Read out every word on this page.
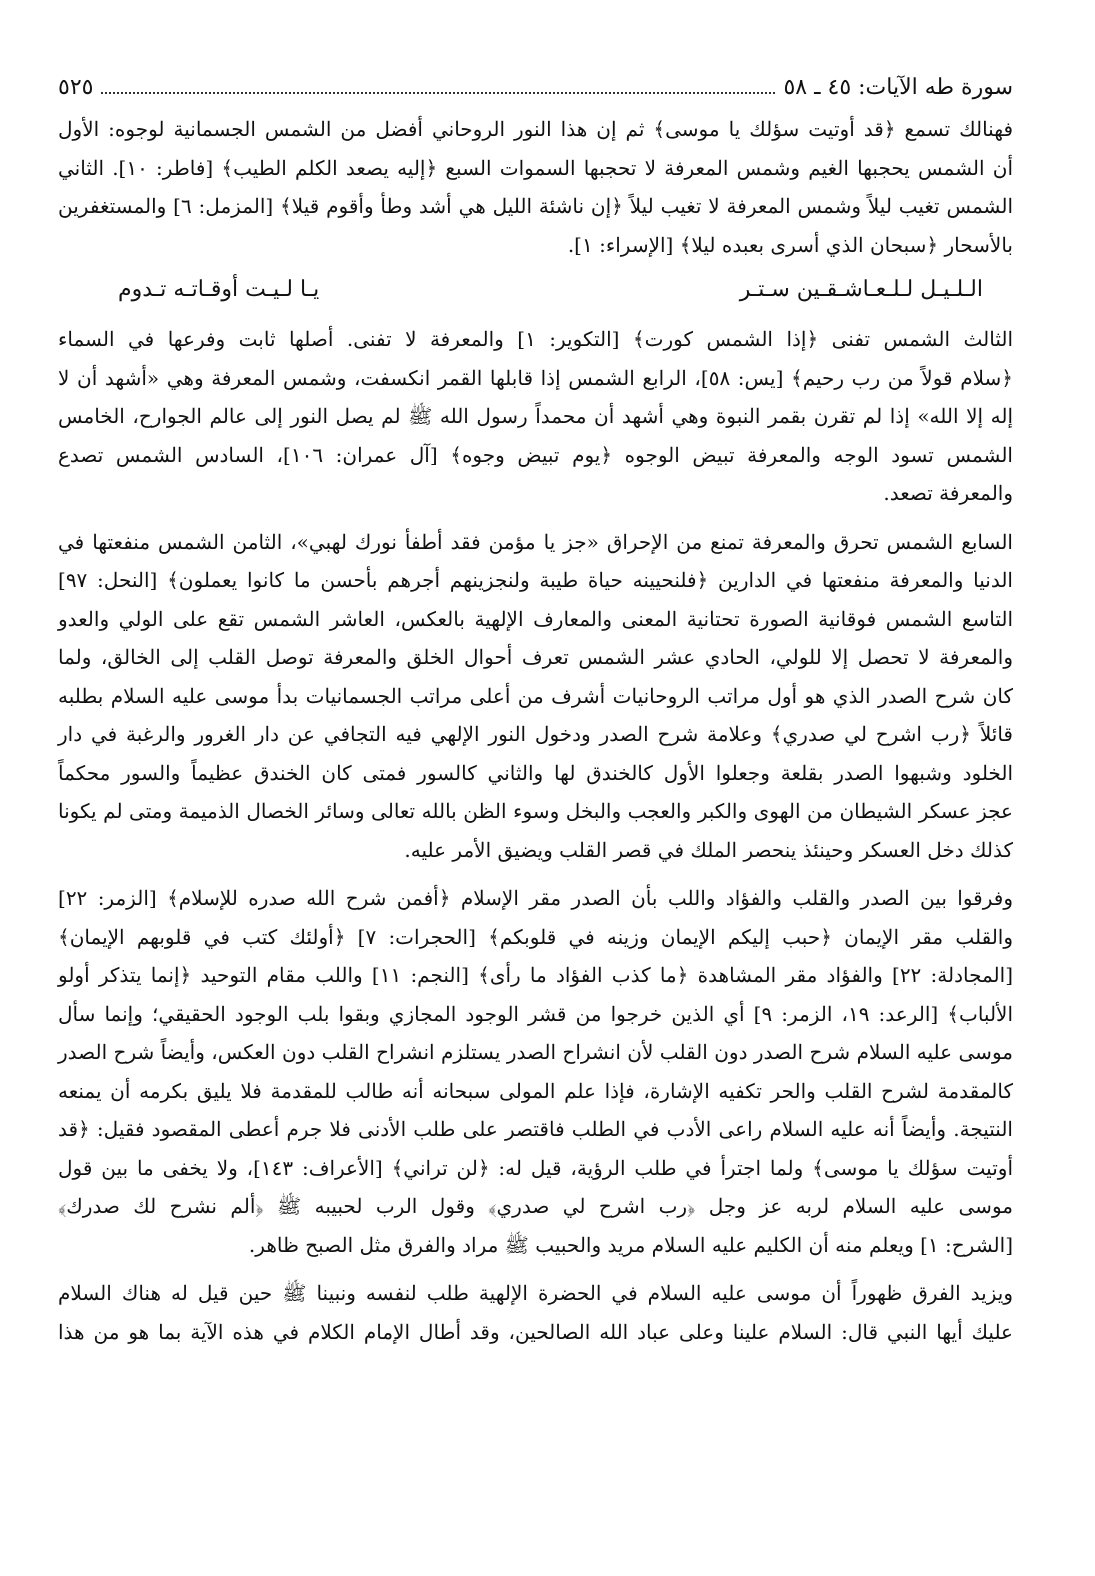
سورة طه الآيات: ٤٥ ـ ٥٨
٥٢٥

فهنالك تسمع ﴿قد أوتيت سؤلك يا موسى﴾ ثم إن هذا النور الروحاني أفضل من الشمس الجسمانية لوجوه: الأول
أن الشمس يحجبها الغيم وشمس المعرفة لا تحجبها السموات السبع ﴿إليه يصعد الكلم الطيب﴾ [فاطر: ١٠]. الثاني
الشمس تغيب ليلاً وشمس المعرفة لا تغيب ليلاً ﴿إن ناشئة الليل هي أشد وطأ وأقوم قيلا﴾ [المزمل: ٦] والمستغفرين
بالأسحار ﴿سبحان الذي أسرى بعبده ليلا﴾ [الإسراء: ١].

الـلـيـل لـلـعـاشـقـين سـتـر
يـا لـيـت أوقـاتـه تـدوم

الثالث الشمس تفنى ﴿إذا الشمس كورت﴾ [التكوير: ١] والمعرفة لا تفنى. أصلها ثابت وفرعها في السماء
﴿سلام قولاً من رب رحيم﴾ [يس: ٥٨]، الرابع الشمس إذا قابلها القمر انكسفت، وشمس المعرفة وهي «أشهد أن لا
إله إلا الله» إذا لم تقرن بقمر النبوة وهي أشهد أن محمداً رسول الله ﷺ لم يصل النور إلى عالم الجوارح، الخامس
الشمس تسود الوجه والمعرفة تبيض الوجوه ﴿يوم تبيض وجوه﴾ [آل عمران: ١٠٦]، السادس الشمس تصدع
والمعرفة تصعد.

السابع الشمس تحرق والمعرفة تمنع من الإحراق «جز يا مؤمن فقد أطفأ نورك لهبي»، الثامن الشمس منفعتها في
الدنيا والمعرفة منفعتها في الدارين ﴿فلنحيينه حياة طيبة ولنجزينهم أجرهم بأحسن ما كانوا يعملون﴾ [النحل: ٩٧]
التاسع الشمس فوقانية الصورة تحتانية المعنى والمعارف الإلهية بالعكس، العاشر الشمس تقع على الولي والعدو
والمعرفة لا تحصل إلا للولي، الحادي عشر الشمس تعرف أحوال الخلق والمعرفة توصل القلب إلى الخالق، ولما
كان شرح الصدر الذي هو أول مراتب الروحانيات أشرف من أعلى مراتب الجسمانيات بدأ موسى عليه السلام بطلبه
قائلاً ﴿رب اشرح لي صدري﴾ وعلامة شرح الصدر ودخول النور الإلهي فيه التجافي عن دار الغرور والرغبة في دار
الخلود وشبهوا الصدر بقلعة وجعلوا الأول كالخندق لها والثاني كالسور فمتى كان الخندق عظيماً والسور محكماً
عجز عسكر الشيطان من الهوى والكبر والعجب والبخل وسوء الظن بالله تعالى وسائر الخصال الذميمة ومتى لم يكونا
كذلك دخل العسكر وحينئذ ينحصر الملك في قصر القلب ويضيق الأمر عليه.

وفرقوا بين الصدر والقلب والفؤاد واللب بأن الصدر مقر الإسلام ﴿أفمن شرح الله صدره للإسلام﴾ [الزمر: ٢٢]
والقلب مقر الإيمان ﴿حبب إليكم الإيمان وزينه في قلوبكم﴾ [الحجرات: ٧] ﴿أولئك كتب في قلوبهم الإيمان﴾
[المجادلة: ٢٢] والفؤاد مقر المشاهدة ﴿ما كذب الفؤاد ما رأى﴾ [النجم: ١١] واللب مقام التوحيد ﴿إنما يتذكر أولو
الألباب﴾ [الرعد: ١٩، الزمر: ٩] أي الذين خرجوا من قشر الوجود المجازي وبقوا بلب الوجود الحقيقي؛ وإنما سأل
موسى عليه السلام شرح الصدر دون القلب لأن انشراح الصدر يستلزم انشراح القلب دون العكس، وأيضاً شرح الصدر
كالمقدمة لشرح القلب والحر تكفيه الإشارة، فإذا علم المولى سبحانه أنه طالب للمقدمة فلا يليق بكرمه أن يمنعه
النتيجة. وأيضاً أنه عليه السلام راعى الأدب في الطلب فاقتصر على طلب الأدنى فلا جرم أعطى المقصود فقيل: ﴿قد
أوتيت سؤلك يا موسى﴾ ولما اجترأ في طلب الرؤية، قيل له: ﴿لن تراني﴾ [الأعراف: ١٤٣]، ولا يخفى ما بين قول
موسى عليه السلام لربه عز وجل ﴿رب اشرح لي صدري﴾ وقول الرب لحبيبه ﷺ ﴿ألم نشرح لك صدرك﴾
[الشرح: ١] ويعلم منه أن الكليم عليه السلام مريد والحبيب ﷺ مراد والفرق مثل الصبح ظاهر.

ويزيد الفرق ظهوراً أن موسى عليه السلام في الحضرة الإلهية طلب لنفسه ونبينا ﷺ حين قيل له هناك السلام
عليك أيها النبي قال: السلام علينا وعلى عباد الله الصالحين، وقد أطال الإمام الكلام في هذه الآية بما هو من هذا
